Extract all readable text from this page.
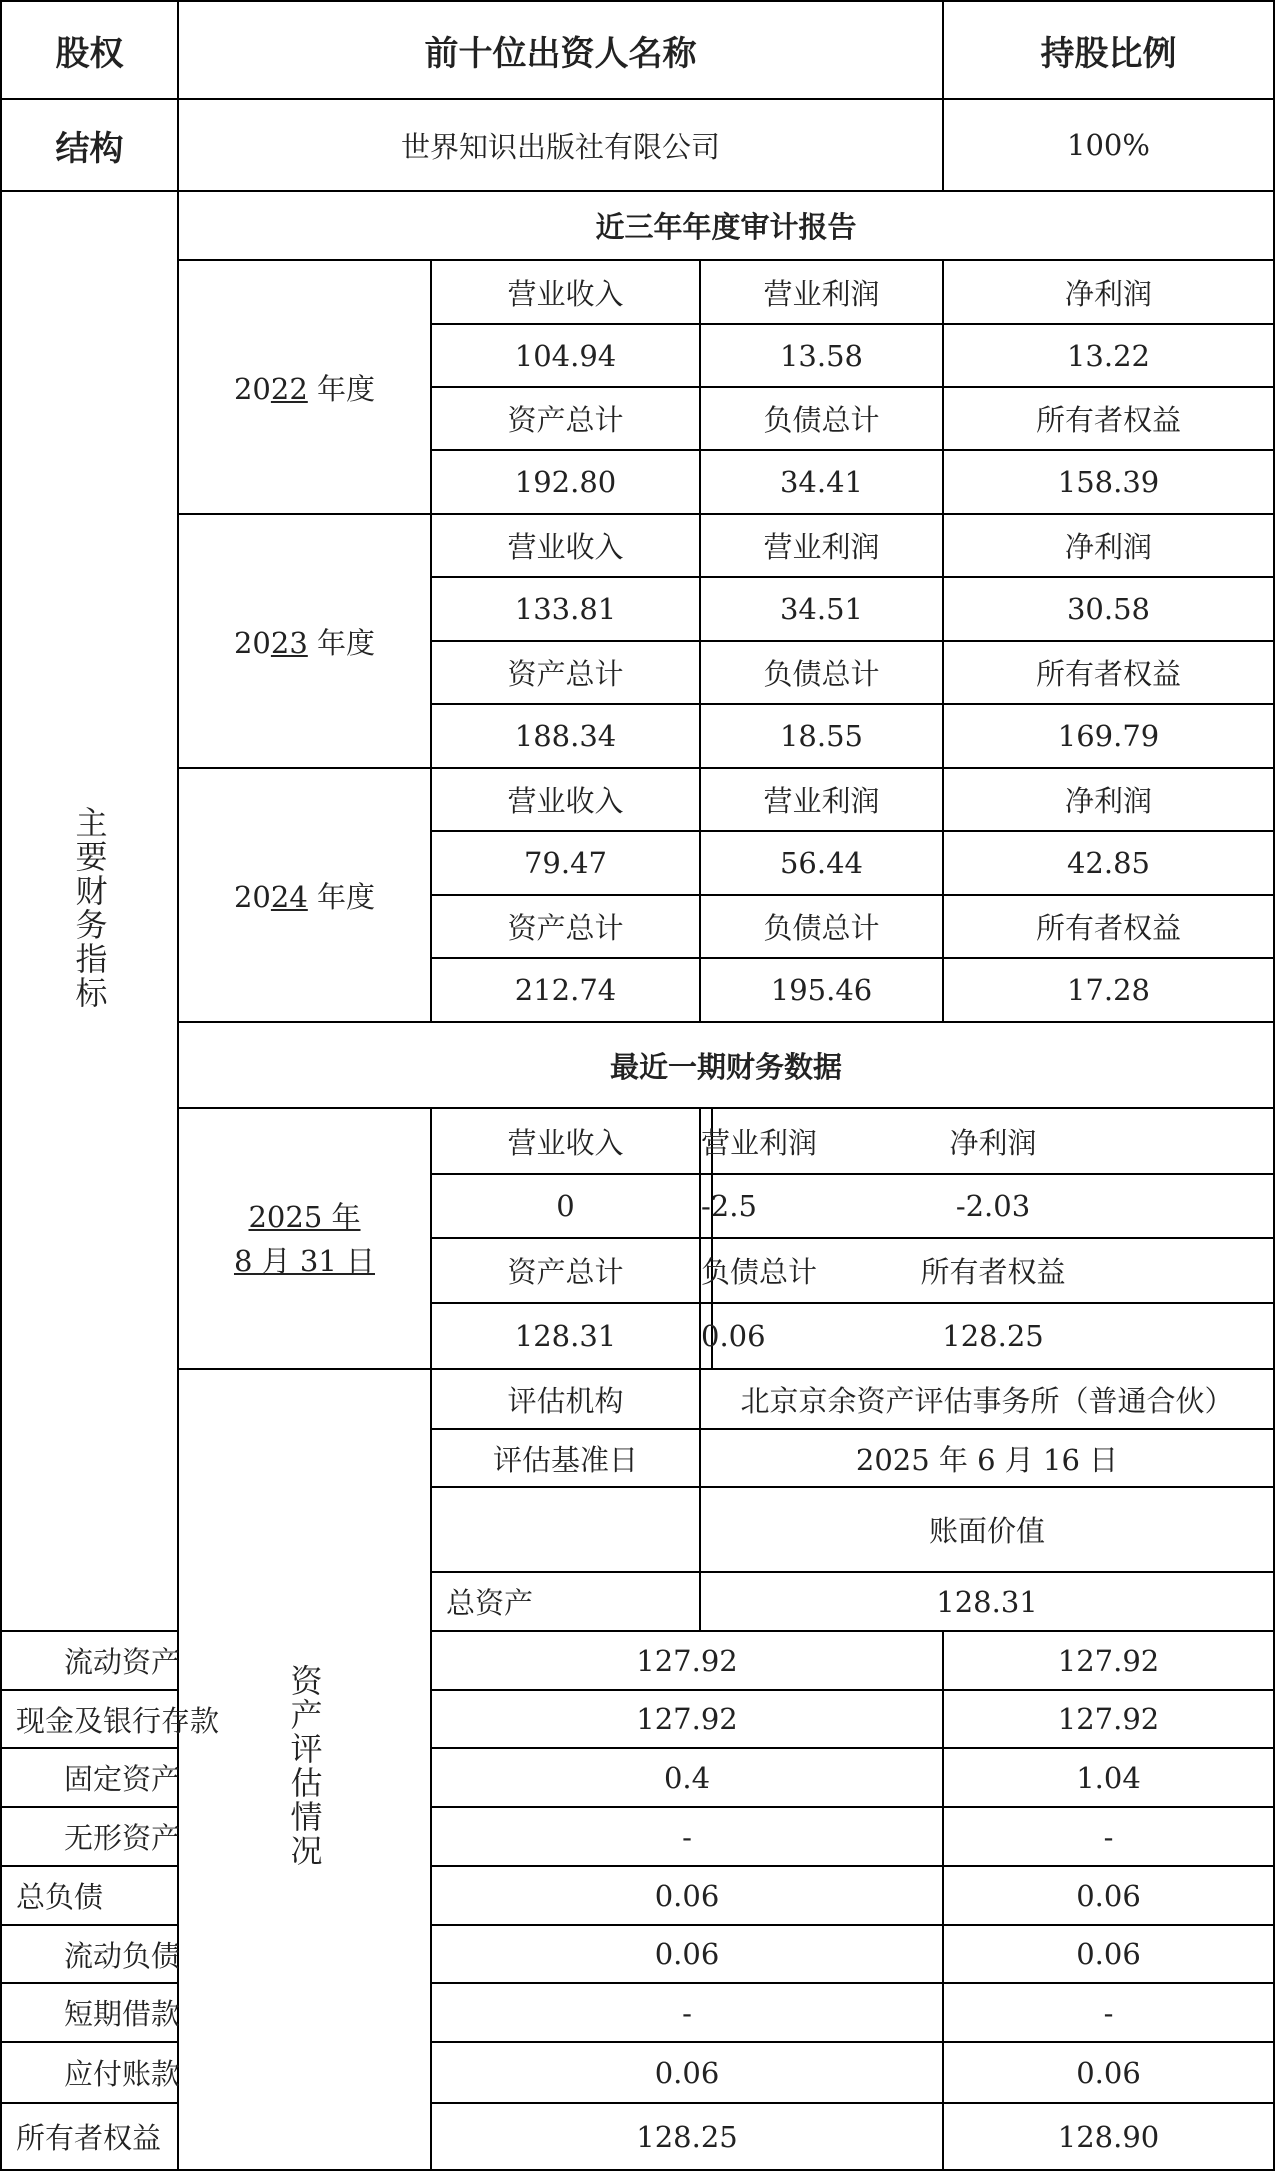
股权	前十位出资人名称				持股比例	
结构	世界知识出版社有限公司				100%	
主要财务指标	近三年年度审计报告					
	2022 年度	营业收入	营业利润		净利润	
		104.94	13.58		13.22	
		资产总计	负债总计		所有者权益	
		192.80	34.41		158.39	
	2023 年度	营业收入	营业利润		净利润	
		133.81	34.51		30.58	
		资产总计	负债总计		所有者权益	
		188.34	18.55		169.79	
	2024 年度	营业收入	营业利润		净利润	
		79.47	56.44		42.85	
		资产总计	负债总计		所有者权益	
		212.74	195.46		17.28	
	最近一期财务数据					

	2025 年
8 月 31 日	营业收入	营业利润	净利润		
		0	-2.5	-2.03		
		资产总计	负债总计	所有者权益		
		128.31	0.06	128.25		
	资产评估情况	评估机构	北京京余资产评估事务所（普通合伙）			
		评估基准日	2025 年 6 月 16 日			
			账面价值	
		总资产	128.31	
流动资产		127.92			127.92	
现金及银行存款		127.92			127.92	
固定资产		0.4			1.04	
无形资产		-			-	
总负债		0.06			0.06	
流动负债		0.06			0.06	
短期借款		-			-	
应付账款		0.06			0.06	
所有者权益		128.25			128.90	
